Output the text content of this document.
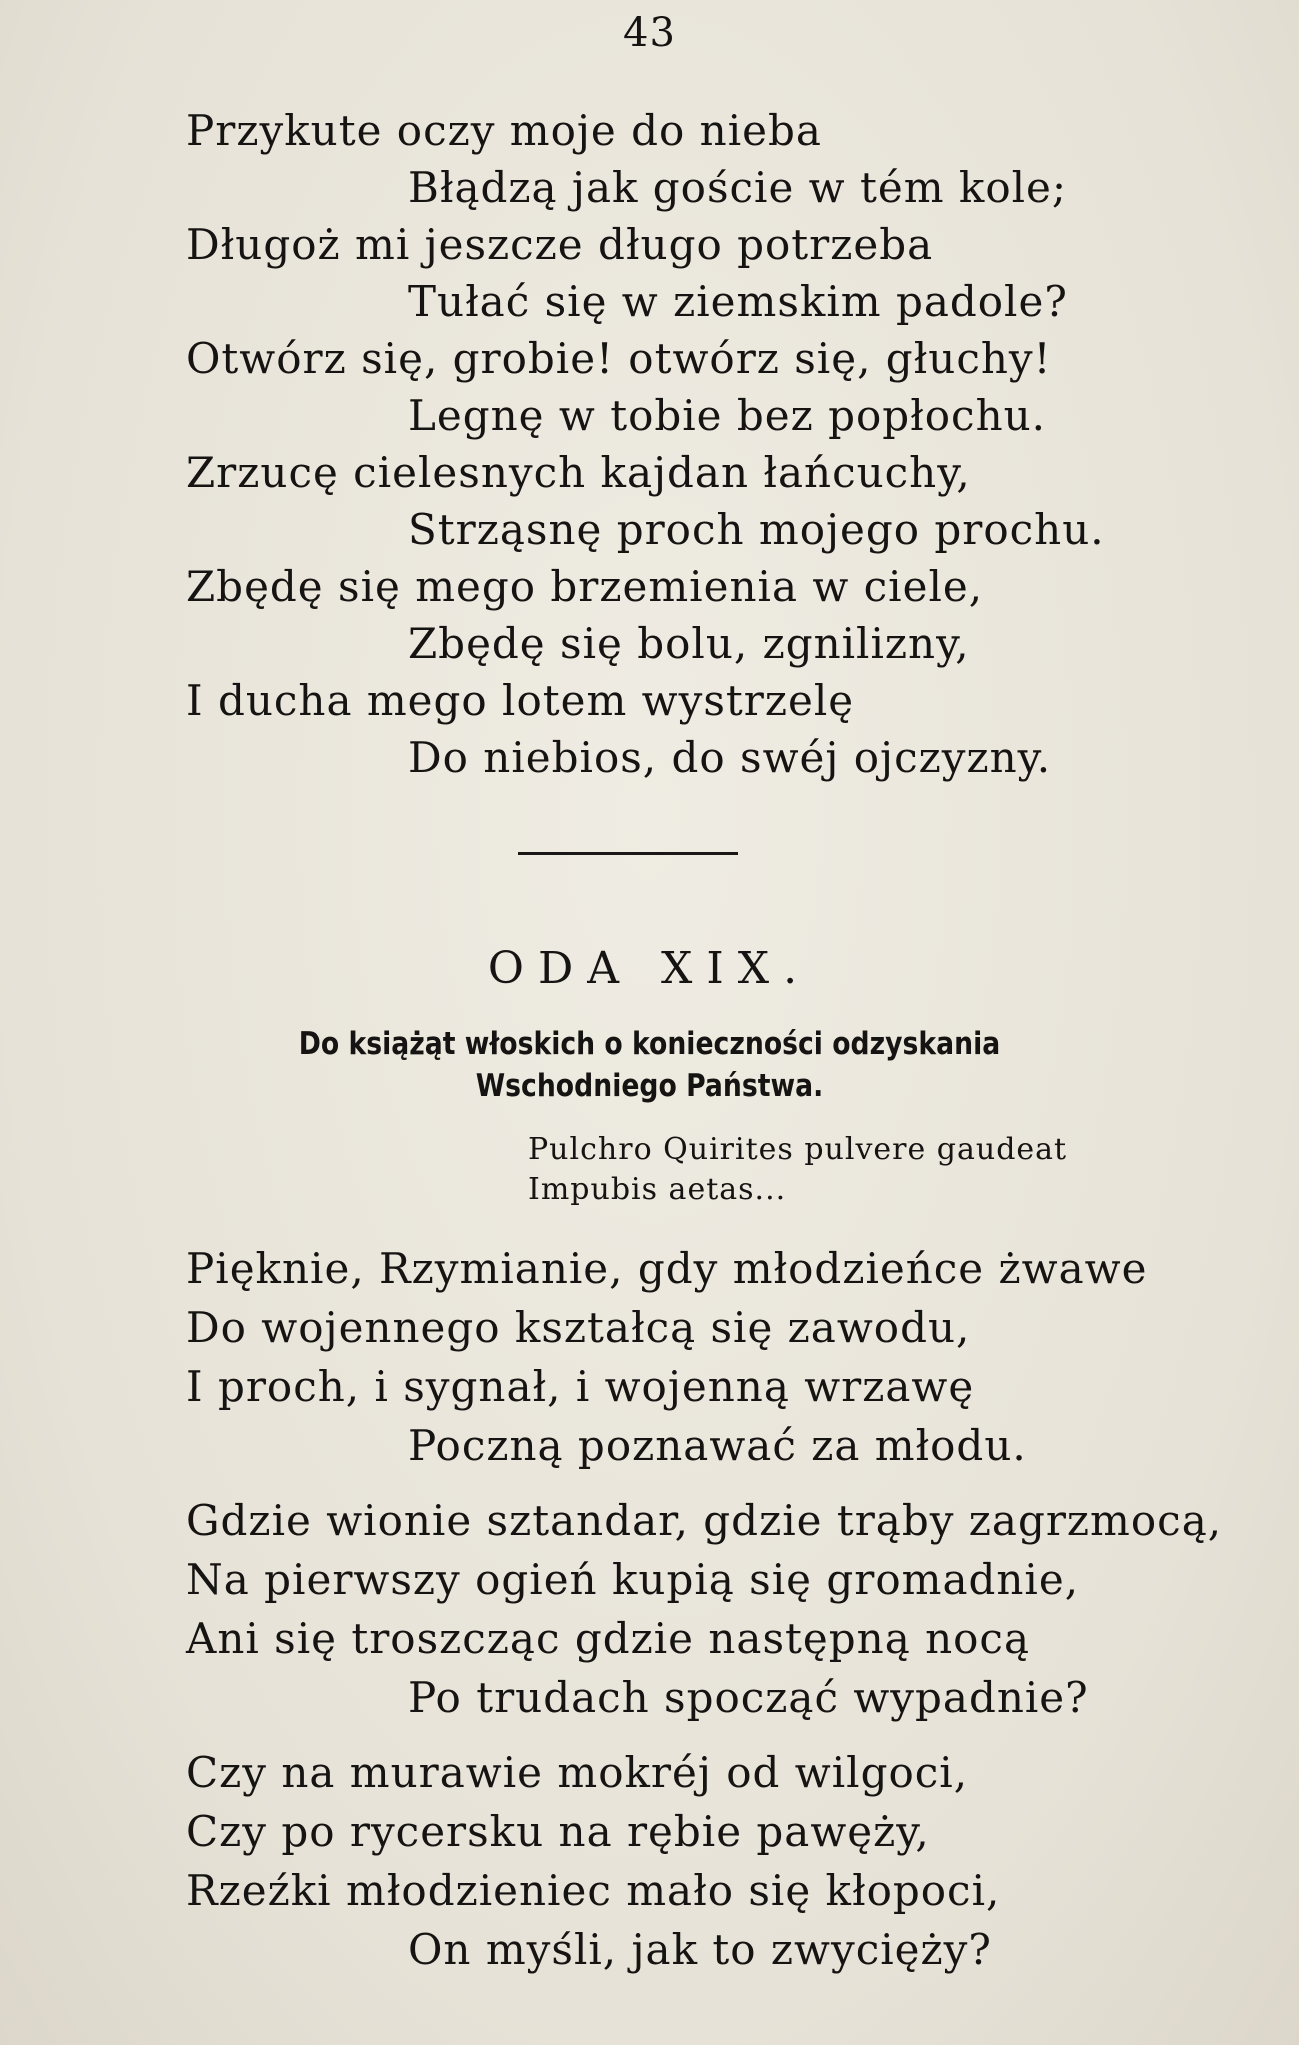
43
Przykute oczy moje do nieba
Błądzą jak goście w tém kole;
Długoż mi jeszcze długo potrzeba
Tułać się w ziemskim padole?
Otwórz się, grobie! otwórz się, głuchy!
Legnę w tobie bez popłochu.
Zrzucę cielesnych kajdan łańcuchy,
Strząsnę proch mojego prochu.
Zbędę się mego brzemienia w ciele,
Zbędę się bolu, zgnilizny,
I ducha mego lotem wystrzelę
Do niebios, do swéj ojczyzny.
ODA XIX.
Do książąt włoskich o konieczności odzyskania
Wschodniego Państwa.
Pulchro Quirites pulvere gaudeat
Impubis aetas...
Pięknie, Rzymianie, gdy młodzieńce żwawe
Do wojennego kształcą się zawodu,
I proch, i sygnał, i wojenną wrzawę
Poczną poznawać za młodu.
Gdzie wionie sztandar, gdzie trąby zagrzmocą,
Na pierwszy ogień kupią się gromadnie,
Ani się troszcząc gdzie następną nocą
Po trudach spocząć wypadnie?
Czy na murawie mokréj od wilgoci,
Czy po rycersku na rębie pawęży,
Rzeźki młodzieniec mało się kłopoci,
On myśli, jak to zwycięży?
